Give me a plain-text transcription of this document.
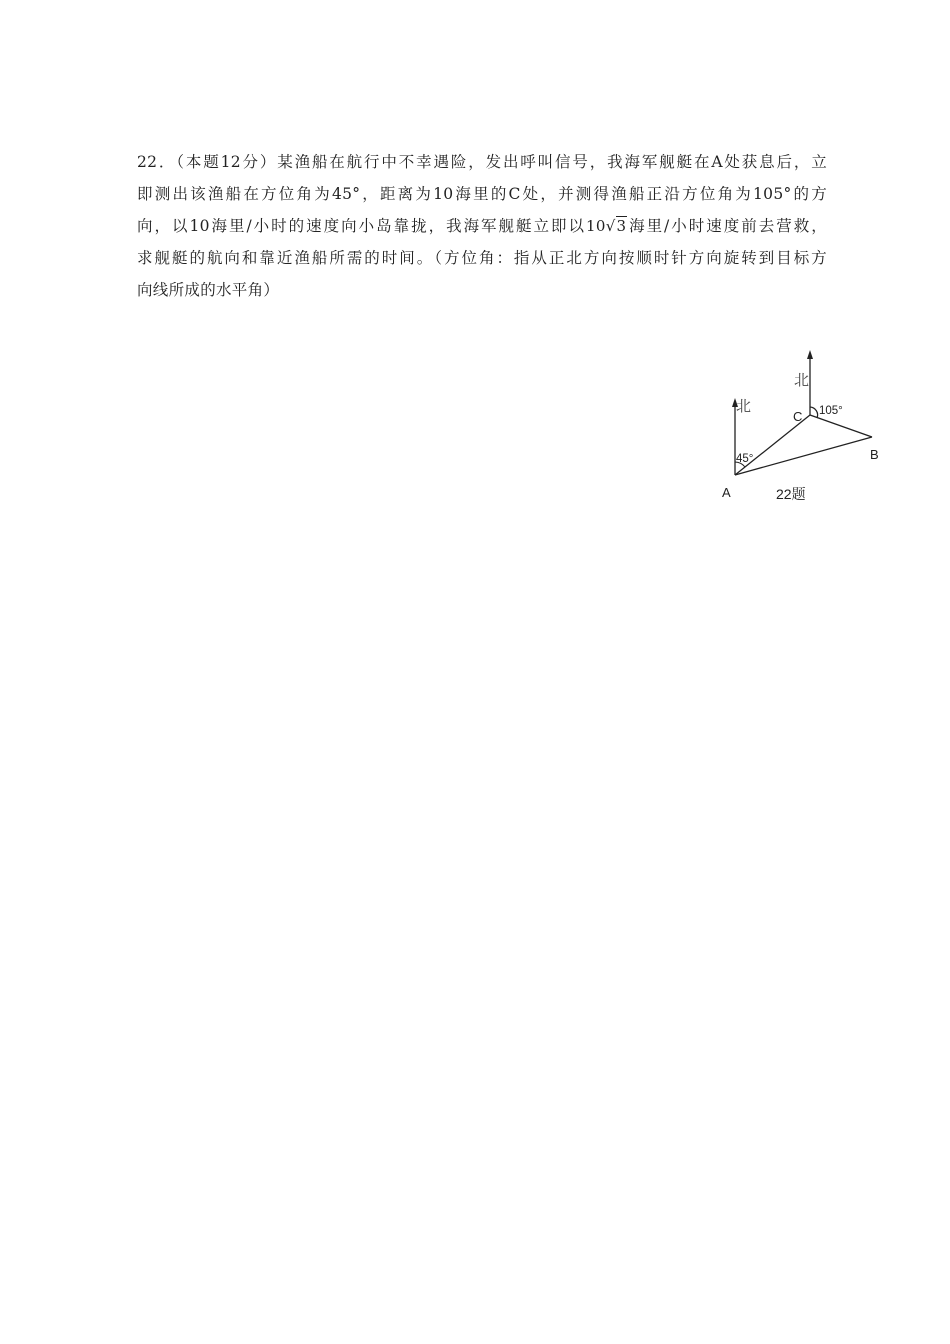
22．（本题12分）某渔船在航行中不幸遇险，发出呼叫信号，我海军舰艇在A处获息后，立
即测出该渔船在方位角为45°，距离为10海里的C处，并测得渔船正沿方位角为105°的方
向，以10海里/小时的速度向小岛靠拢，我海军舰艇立即以10√3海里/小时速度前去营救，
求舰艇的航向和靠近渔船所需的时间。（方位角：指从正北方向按顺时针方向旋转到目标方
向线所成的水平角）
北
北
C 105°
45°	B
A	22题
